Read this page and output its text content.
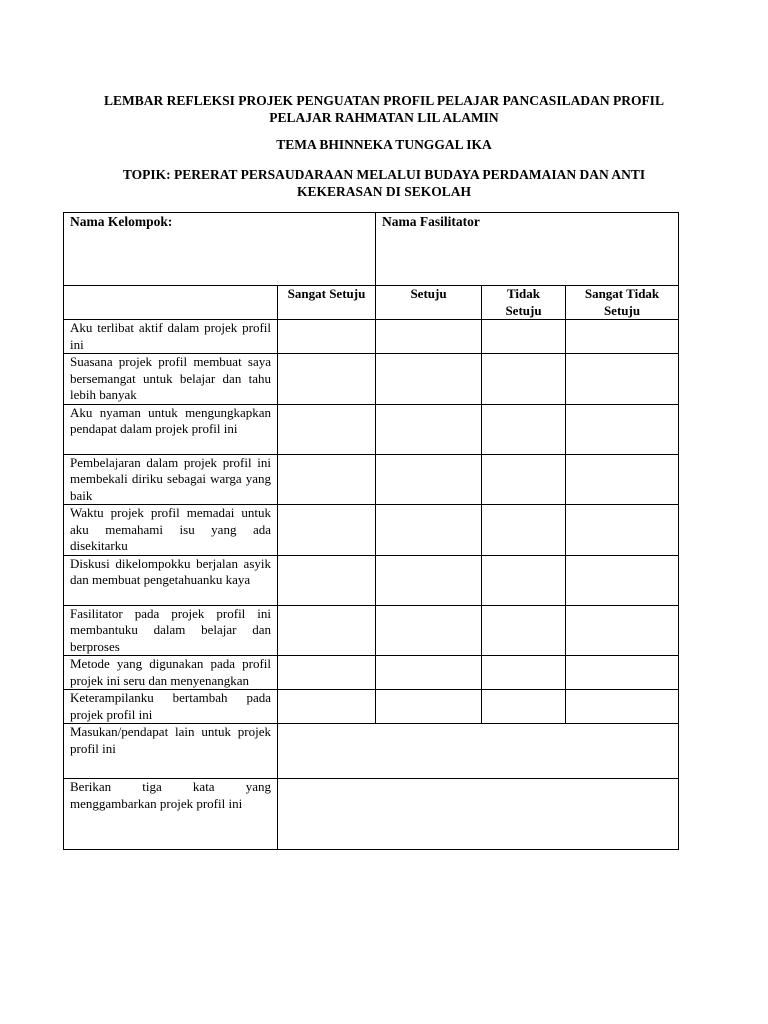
LEMBAR REFLEKSI PROJEK PENGUATAN PROFIL PELAJAR PANCASILADAN PROFIL
PELAJAR RAHMATAN LIL ALAMIN
TEMA BHINNEKA TUNGGAL IKA
TOPIK: PERERAT PERSAUDARAAN MELALUI BUDAYA PERDAMAIAN DAN ANTI
KEKERASAN DI SEKOLAH
Nama Kelompok:		Nama Fasilitator		
	Sangat Setuju	Setuju	Tidak Setuju	Sangat Tidak Setuju
Aku terlibat aktif dalam projek profil ini				
Suasana projek profil membuat saya bersemangat untuk belajar dan tahu lebih banyak				
Aku nyaman untuk mengungkapkan pendapat dalam projek profil ini				
Pembelajaran dalam projek profil ini membekali diriku sebagai warga yang baik				
Waktu projek profil memadai untuk aku memahami isu yang ada disekitarku				
Diskusi dikelompokku berjalan asyik dan membuat pengetahuanku kaya				
Fasilitator pada projek profil ini membantuku dalam belajar dan berproses				
Metode yang digunakan pada profil projek ini seru dan menyenangkan				
Keterampilanku bertambah pada projek profil ini				
Masukan/pendapat lain untuk projek profil ini				
Berikan tiga kata yang menggambarkan projek profil ini				
